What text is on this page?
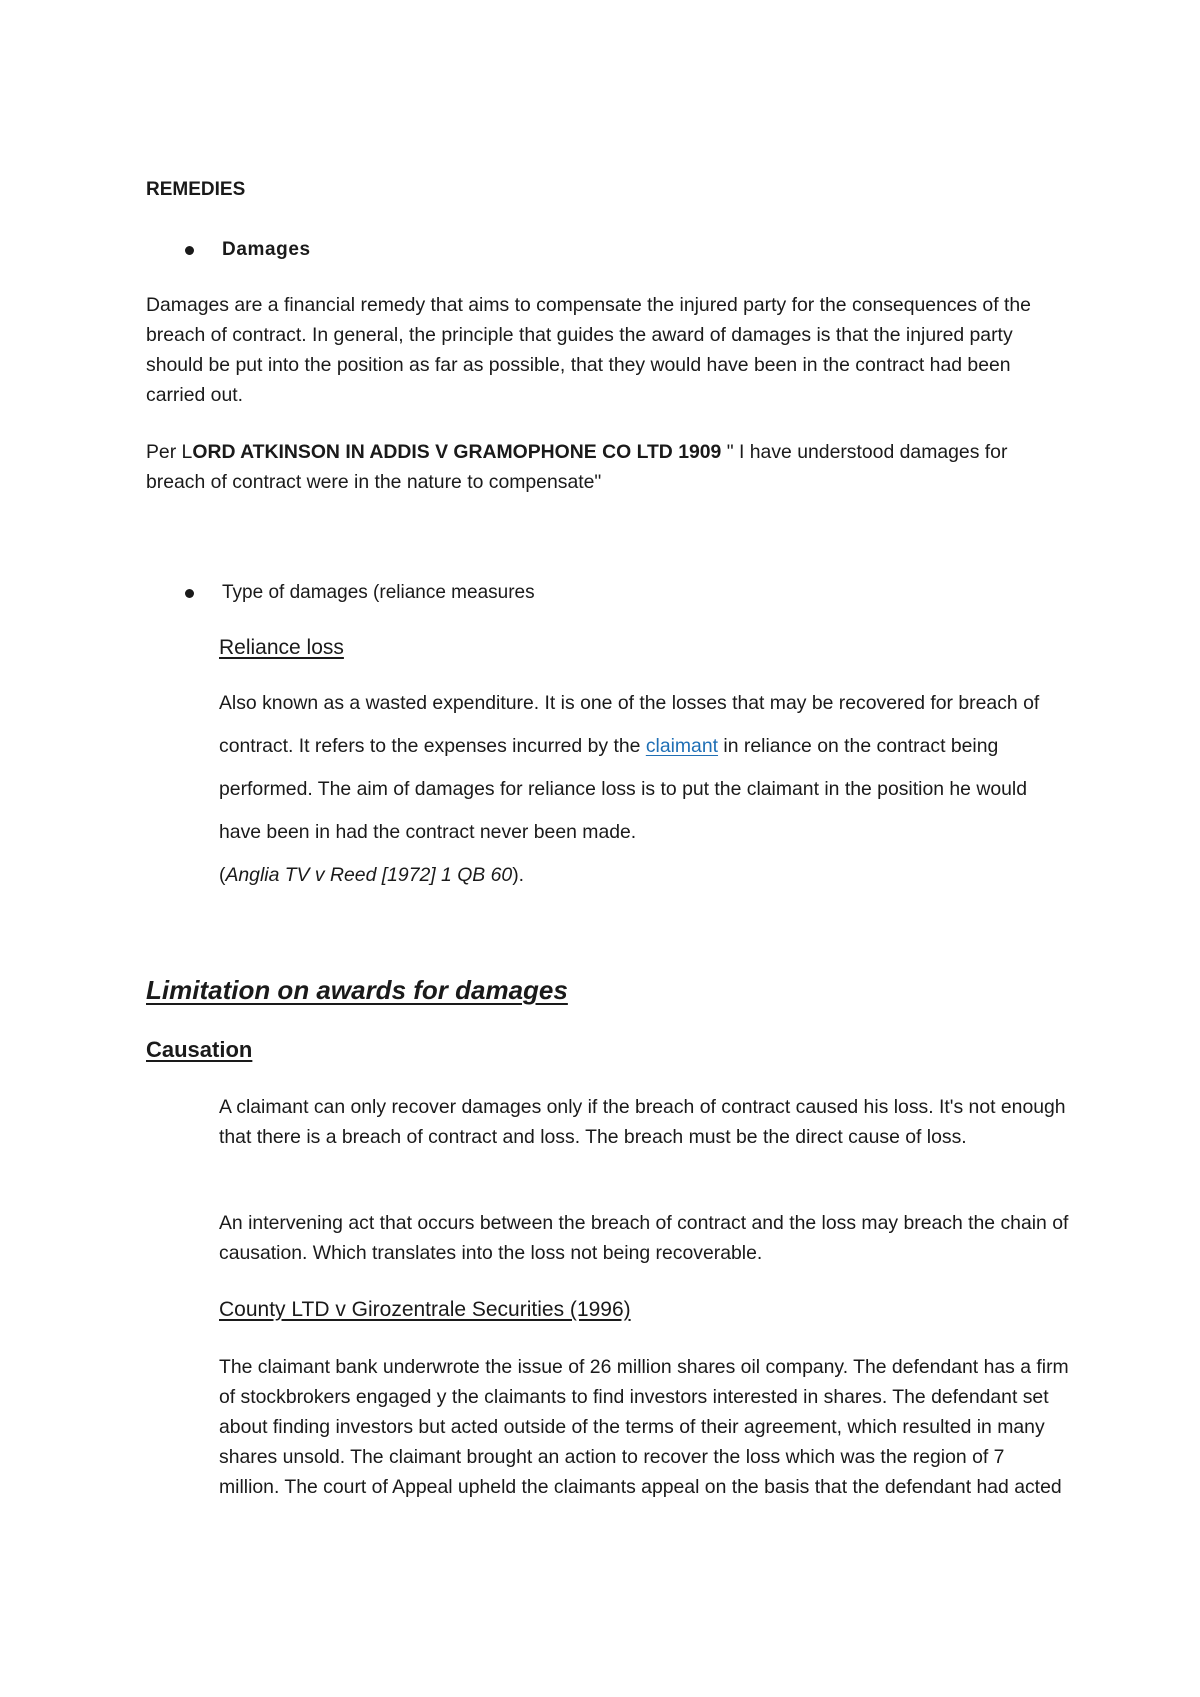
REMEDIES
Damages

Damages are a financial remedy that aims to compensate the injured party for the consequences of the breach of contract. In general, the principle that guides the award of damages is that the injured party should be put into the position as far as possible, that they would have been in the contract had been carried out.

Per LORD ATKINSON IN ADDIS V GRAMOPHONE CO LTD 1909 " I have understood damages for breach of contract were in the nature to compensate"

Type of damages (reliance measures
Reliance loss

Also known as a wasted expenditure. It is one of the losses that may be recovered for breach of contract. It refers to the expenses incurred by the claimant in reliance on the contract being performed. The aim of damages for reliance loss is to put the claimant in the position he would have been in had the contract never been made.
(Anglia TV v Reed [1972] 1 QB 60).

Limitation on awards for damages
Causation

A claimant can only recover damages only if the breach of contract caused his loss. It's not enough that there is a breach of contract and loss. The breach must be the direct cause of loss.

An intervening act that occurs between the breach of contract and the loss may breach the chain of causation. Which translates into the loss not being recoverable.

County LTD v Girozentrale Securities (1996)

The claimant bank underwrote the issue of 26 million shares oil company. The defendant has a firm of stockbrokers engaged y the claimants to find investors interested in shares. The defendant set about finding investors but acted outside of the terms of their agreement, which resulted in many shares unsold. The claimant brought an action to recover the loss which was the region of 7 million. The court of Appeal upheld the claimants appeal on the basis that the defendant had acted
